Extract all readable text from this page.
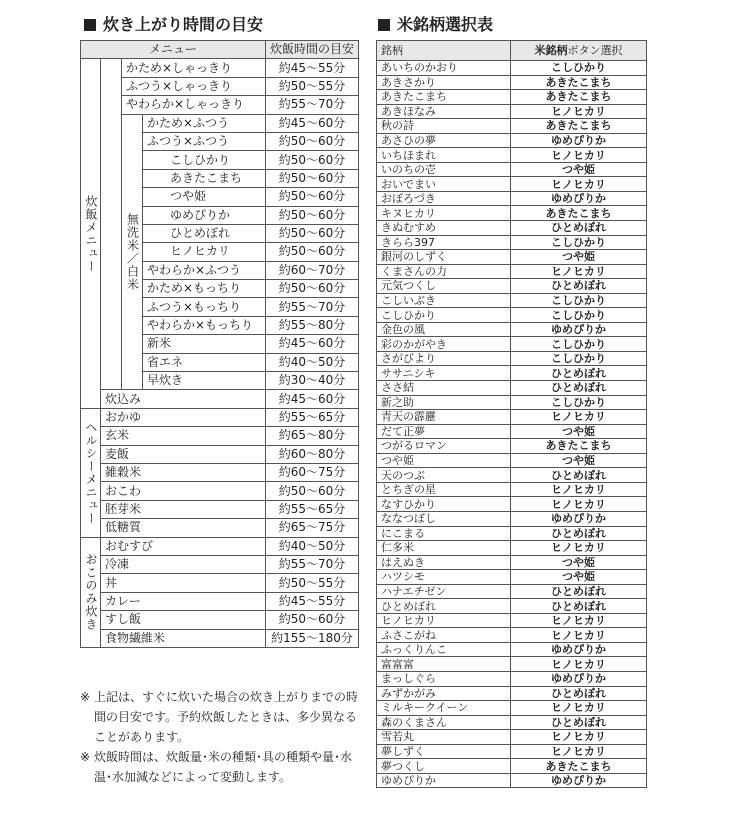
炊き上がり時間の目安	米銘柄選択表
メニュー				炊飯時間の目安
炊飯メニュー		かため×しゃっきり		約45～55分
		ふつう×しゃっきり		約50～55分
		やわらか×しゃっきり		約55～70分
		無洗米／白米	かため×ふつう	約45～60分
			ふつう×ふつう	約50～60分
			こしひかり	約50～60分
			あきたこまち	約50～60分
			つや姫	約50～60分
			ゆめぴりか	約50～60分
			ひとめぼれ	約50～60分
			ヒノヒカリ	約50～60分
			やわらか×ふつう	約60～70分
			かため×もっちり	約50～60分
			ふつう×もっちり	約55～70分
			やわらか×もっちり	約55～80分
			新米	約45～60分
			省エネ	約40～50分
			早炊き	約30～40分
	炊込み			約45～60分
ヘルシーメニュー	おかゆ			約55～65分
	玄米			約65～80分
	麦飯			約60～80分
	雑穀米			約60～75分
	おこわ			約50～60分
	胚芽米			約55～65分
	低糖質			約65～75分
おこのみ炊き	おむすび			約40～50分
	冷凍			約55～70分
	丼			約50～55分
	カレー			約45～55分
	すし飯			約50～60分
	食物繊維米			約155～180分
※ 上記は、すぐに炊いた場合の炊き上がりまでの時間の目安です。予約炊飯したときは、多少異なることがあります。
※ 炊飯時間は、炊飯量･米の種類･具の種類や量･水温･水加減などによって変動します。
銘柄	米銘柄ボタン選択
あいちのかおり	こしひかり
あきさかり	あきたこまち
あきたこまち	あきたこまち
あきほなみ	ヒノヒカリ
秋の詩	あきたこまち
あさひの夢	ゆめぴりか
いちほまれ	ヒノヒカリ
いのちの壱	つや姫
おいでまい	ヒノヒカリ
おぼろづき	ゆめぴりか
キヌヒカリ	あきたこまち
きぬむすめ	ひとめぼれ
きらら397	こしひかり
銀河のしずく	つや姫
くまさんの力	ヒノヒカリ
元気つくし	ひとめぼれ
こしいぶき	こしひかり
こしひかり	こしひかり
金色の風	ゆめぴりか
彩のかがやき	こしひかり
さがびより	こしひかり
ササニシキ	ひとめぼれ
ささ結	ひとめぼれ
新之助	こしひかり
青天の霹靂	ヒノヒカリ
だて正夢	つや姫
つがるロマン	あきたこまち
つや姫	つや姫
天のつぶ	ひとめぼれ
とちぎの星	ヒノヒカリ
なすひかり	ヒノヒカリ
ななつぼし	ゆめぴりか
にこまる	ひとめぼれ
仁多米	ヒノヒカリ
はえぬき	つや姫
ハツシモ	つや姫
ハナエチゼン	ひとめぼれ
ひとめぼれ	ひとめぼれ
ヒノヒカリ	ヒノヒカリ
ふさこがね	ヒノヒカリ
ふっくりんこ	ゆめぴりか
富富富	ヒノヒカリ
まっしぐら	ゆめぴりか
みずかがみ	ひとめぼれ
ミルキークイーン	ヒノヒカリ
森のくまさん	ひとめぼれ
雪若丸	ヒノヒカリ
夢しずく	ヒノヒカリ
夢つくし	あきたこまち
ゆめぴりか	ゆめぴりか
